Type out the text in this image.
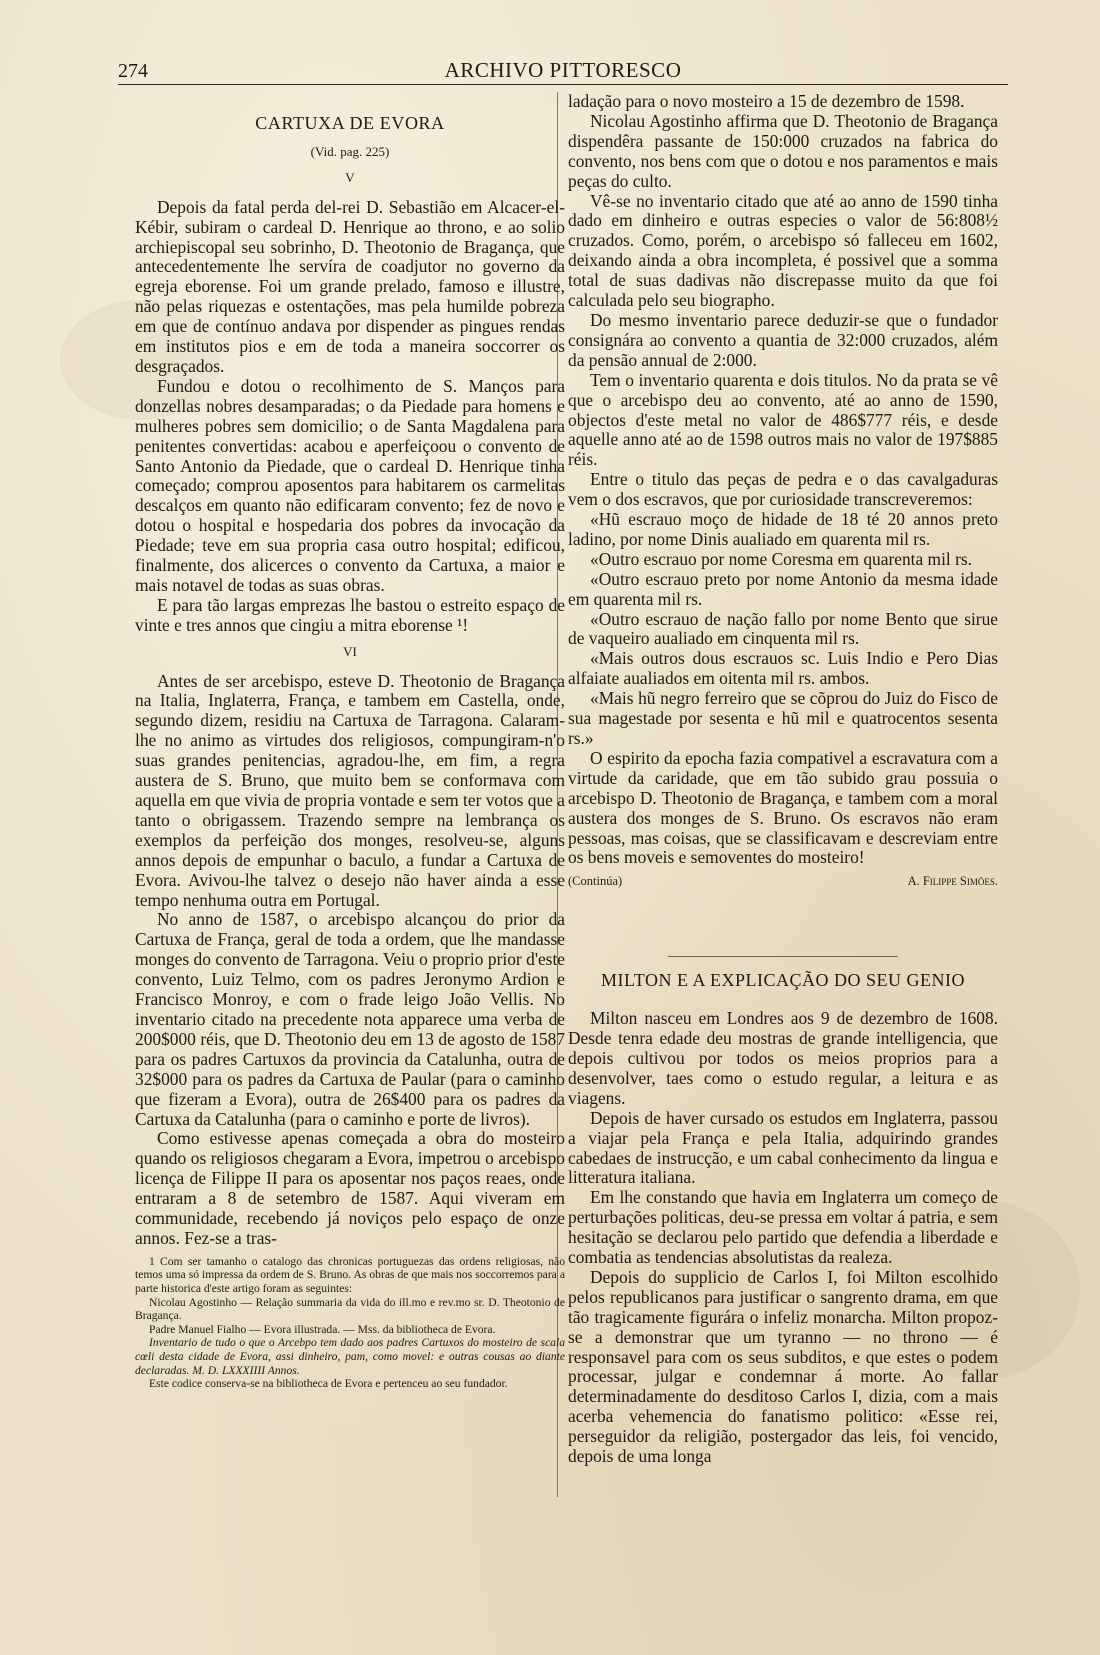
274	ARCHIVO PITTORESCO
CARTUXA DE EVORA
(Vid. pag. 225)
V

Depois da fatal perda del-rei D. Sebastião em Alcacer-el-Kébir, subiram o cardeal D. Henrique ao throno, e ao solio archiepiscopal seu sobrinho, D. Theotonio de Bragança, que antecedentemente lhe servíra de coadjutor no governo da egreja eborense. Foi um grande prelado, famoso e illustre, não pelas riquezas e ostentações, mas pela humilde pobreza em que de contínuo andava por dispender as pingues rendas em institutos pios e em de toda a maneira soccorrer os desgraçados.

Fundou e dotou o recolhimento de S. Manços para donzellas nobres desamparadas; o da Piedade para homens e mulheres pobres sem domicilio; o de Santa Magdalena para penitentes convertidas: acabou e aperfeiçoou o convento de Santo Antonio da Piedade, que o cardeal D. Henrique tinha começado; comprou aposentos para habitarem os carmelitas descalços em quanto não edificaram convento; fez de novo e dotou o hospital e hospedaria dos pobres da invocação da Piedade; teve em sua propria casa outro hospital; edificou, finalmente, dos alicerces o convento da Cartuxa, a maior e mais notavel de todas as suas obras.

E para tão largas emprezas lhe bastou o estreito espaço de vinte e tres annos que cingiu a mitra eborense ¹!

VI

Antes de ser arcebispo, esteve D. Theotonio de Bragança na Italia, Inglaterra, França, e tambem em Castella, onde, segundo dizem, residiu na Cartuxa de Tarragona. Calaram-lhe no animo as virtudes dos religiosos, compungiram-n'o suas grandes penitencias, agradou-lhe, em fim, a regra austera de S. Bruno, que muito bem se conformava com aquella em que vivia de propria vontade e sem ter votos que a tanto o obrigassem. Trazendo sempre na lembrança os exemplos da perfeição dos monges, resolveu-se, alguns annos depois de empunhar o baculo, a fundar a Cartuxa de Evora. Avivou-lhe talvez o desejo não haver ainda a esse tempo nenhuma outra em Portugal.

No anno de 1587, o arcebispo alcançou do prior da Cartuxa de França, geral de toda a ordem, que lhe mandasse monges do convento de Tarragona. Veiu o proprio prior d'este convento, Luiz Telmo, com os padres Jeronymo Ardion e Francisco Monroy, e com o frade leigo João Vellis. No inventario citado na precedente nota apparece uma verba de 200$000 réis, que D. Theotonio deu em 13 de agosto de 1587 para os padres Cartuxos da provincia da Catalunha, outra de 32$000 para os padres da Cartuxa de Paular (para o caminho que fizeram a Evora), outra de 26$400 para os padres da Cartuxa da Catalunha (para o caminho e porte de livros).

Como estivesse apenas começada a obra do mosteiro quando os religiosos chegaram a Evora, impetrou o arcebispo licença de Filippe II para os aposentar nos paços reaes, onde entraram a 8 de setembro de 1587. Aqui viveram em communidade, recebendo já noviços pelo espaço de onze annos. Fez-se a tras-

1 Com ser tamanho o catalogo das chronicas portuguezas das ordens religiosas, não temos uma só impressa da ordem de S. Bruno. As obras de que mais nos soccorremos para a parte historica d'este artigo foram as seguintes:

Nicolau Agostinho — Relação summaria da vida do ill.mo e rev.mo sr. D. Theotonio de Bragança.

Padre Manuel Fialho — Evora illustrada. — Mss. da bibliotheca de Evora.

Inventario de tudo o que o Arcebpo tem dado aos padres Cartuxos do mosteiro de scala cœli desta cidade de Evora, assi dinheiro, pam, como movel: e outras cousas ao diante declaradas. M. D. LXXXIIII Annos.

Este codice conserva-se na bibliotheca de Evora e pertenceu ao seu fundador.

ladação para o novo mosteiro a 15 de dezembro de 1598.

Nicolau Agostinho affirma que D. Theotonio de Bragança dispendêra passante de 150:000 cruzados na fabrica do convento, nos bens com que o dotou e nos paramentos e mais peças do culto.

Vê-se no inventario citado que até ao anno de 1590 tinha dado em dinheiro e outras especies o valor de 56:808½ cruzados. Como, porém, o arcebispo só falleceu em 1602, deixando ainda a obra incompleta, é possivel que a somma total de suas dadivas não discrepasse muito da que foi calculada pelo seu biographo.

Do mesmo inventario parece deduzir-se que o fundador consignára ao convento a quantia de 32:000 cruzados, além da pensão annual de 2:000.

Tem o inventario quarenta e dois titulos. No da prata se vê que o arcebispo deu ao convento, até ao anno de 1590, objectos d'este metal no valor de 486$777 réis, e desde aquelle anno até ao de 1598 outros mais no valor de 197$885 réis.

Entre o titulo das peças de pedra e o das cavalgaduras vem o dos escravos, que por curiosidade transcreveremos:

«Hũ escrauo moço de hidade de 18 té 20 annos preto ladino, por nome Dinis aualiado em quarenta mil rs.

«Outro escrauo por nome Coresma em quarenta mil rs.

«Outro escrauo preto por nome Antonio da mesma idade em quarenta mil rs.

«Outro escrauo de nação fallo por nome Bento que sirue de vaqueiro aualiado em cinquenta mil rs.

«Mais outros dous escrauos sc. Luis Indio e Pero Dias alfaiate aualiados em oitenta mil rs. ambos.

«Mais hũ negro ferreiro que se cõprou do Juiz do Fisco de sua magestade por sesenta e hũ mil e quatrocentos sesenta rs.»

O espirito da epocha fazia compativel a escravatura com a virtude da caridade, que em tão subido grau possuia o arcebispo D. Theotonio de Bragança, e tambem com a moral austera dos monges de S. Bruno. Os escravos não eram pessoas, mas coisas, que se classificavam e descreviam entre os bens moveis e semoventes do mosteiro!

(Continúa)	A. Filippe Simões.
MILTON E A EXPLICAÇÃO DO SEU GENIO

Milton nasceu em Londres aos 9 de dezembro de 1608. Desde tenra edade deu mostras de grande intelligencia, que depois cultivou por todos os meios proprios para a desenvolver, taes como o estudo regular, a leitura e as viagens.

Depois de haver cursado os estudos em Inglaterra, passou a viajar pela França e pela Italia, adquirindo grandes cabedaes de instrucção, e um cabal conhecimento da lingua e litteratura italiana.

Em lhe constando que havia em Inglaterra um começo de perturbações politicas, deu-se pressa em voltar á patria, e sem hesitação se declarou pelo partido que defendia a liberdade e combatia as tendencias absolutistas da realeza.

Depois do supplicio de Carlos I, foi Milton escolhido pelos republicanos para justificar o sangrento drama, em que tão tragicamente figurára o infeliz monarcha. Milton propoz-se a demonstrar que um tyranno — no throno — é responsavel para com os seus subditos, e que estes o podem processar, julgar e condemnar á morte. Ao fallar determinadamente do desditoso Carlos I, dizia, com a mais acerba vehemencia do fanatismo politico: «Esse rei, perseguidor da religião, postergador das leis, foi vencido, depois de uma longa
